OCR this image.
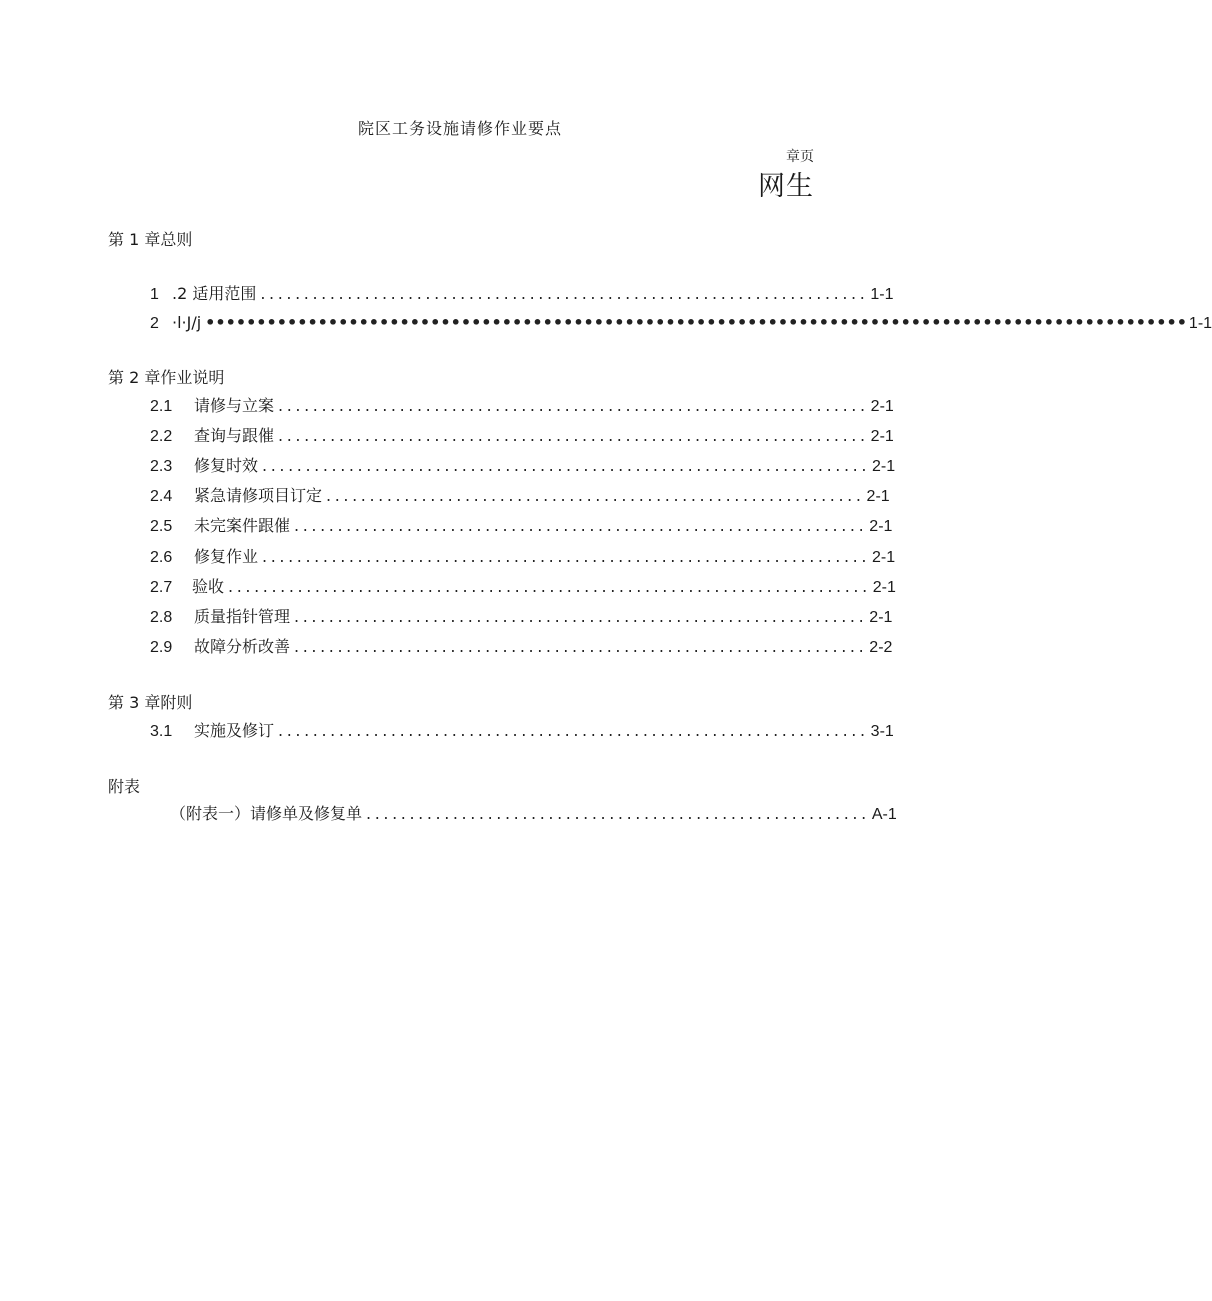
院区工务设施请修作业要点
章页
网生
第 1 章总则
1 .2 适用范围 ...................................................................... 1-1
2 ·l·J/j •••••••••••••••••••••••••••••••••••••••••••••••••••••••••••••••••••••••••••••••••••••••••••••••• 1-1
第 2 章作业说明
2.1	请修与立案 .................................................................... 2-1
2.2	查询与跟催 .................................................................... 2-1
2.3	修复时效 ...................................................................... 2-1
2.4	紧急请修项目订定 .............................................................. 2-1
2.5	未完案件跟催 .................................................................. 2-1
2.6	修复作业 ...................................................................... 2-1
2.7	验收 .......................................................................... 2-1
2.8	质量指针管理 .................................................................. 2-1
2.9	故障分析改善 .................................................................. 2-2
第 3 章附则
3.1	实施及修订 .................................................................... 3-1
附表
（附表一）请修单及修复单 .......................................................... A-1
